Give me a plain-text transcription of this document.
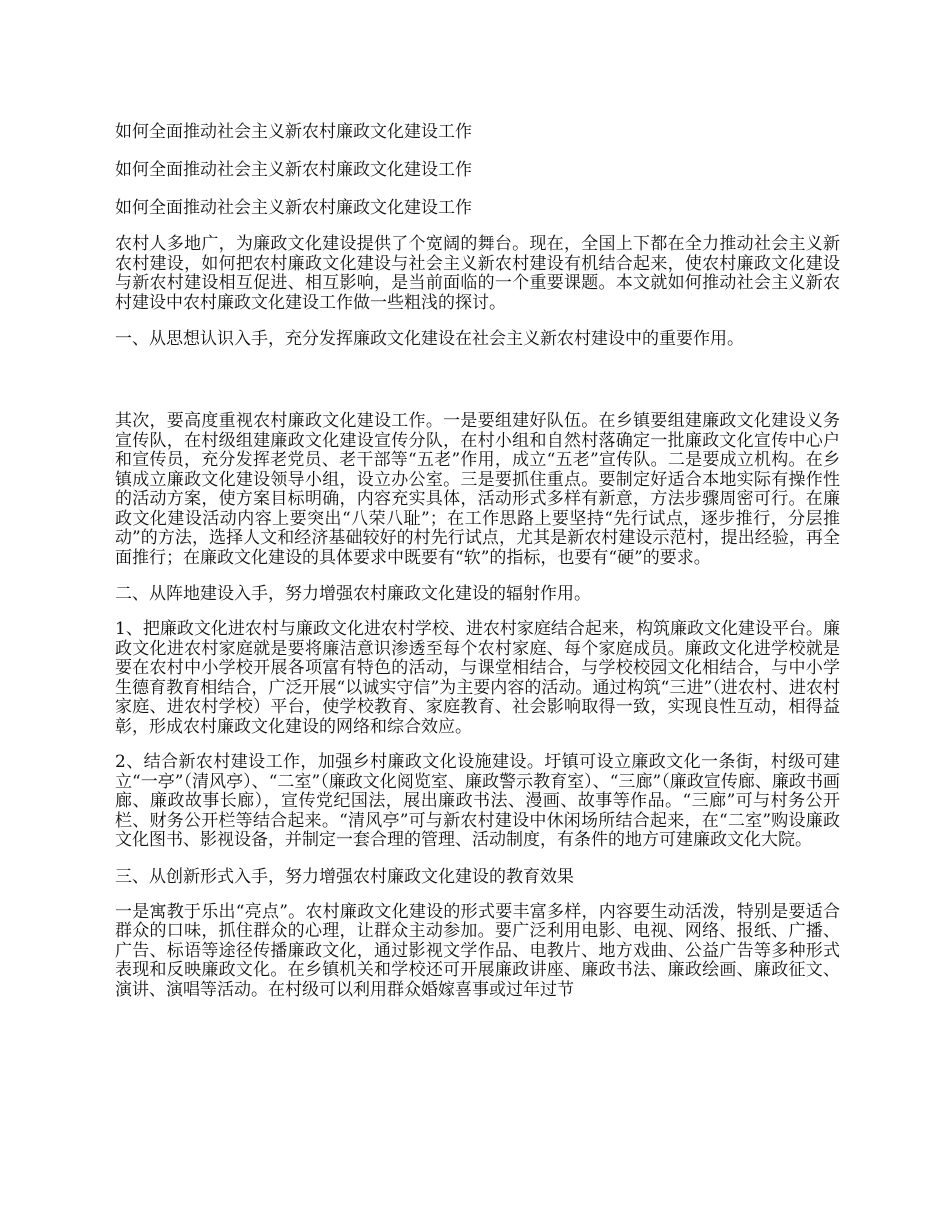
如何全面推动社会主义新农村廉政文化建设工作
如何全面推动社会主义新农村廉政文化建设工作
如何全面推动社会主义新农村廉政文化建设工作

农村人多地广，为廉政文化建设提供了个宽阔的舞台。现在，全国上下都在全力推动社会主义新农村建设，如何把农村廉政文化建设与社会主义新农村建设有机结合起来，使农村廉政文化建设与新农村建设相互促进、相互影响，是当前面临的一个重要课题。本文就如何推动社会主义新农村建设中农村廉政文化建设工作做一些粗浅的探讨。

一、从思想认识入手，充分发挥廉政文化建设在社会主义新农村建设中的重要作用。

其次，要高度重视农村廉政文化建设工作。一是要组建好队伍。在乡镇要组建廉政文化建设义务宣传队，在村级组建廉政文化建设宣传分队，在村小组和自然村落确定一批廉政文化宣传中心户和宣传员，充分发挥老党员、老干部等“五老”作用，成立“五老”宣传队。二是要成立机构。在乡镇成立廉政文化建设领导小组，设立办公室。三是要抓住重点。要制定好适合本地实际有操作性的活动方案，使方案目标明确，内容充实具体，活动形式多样有新意，方法步骤周密可行。在廉政文化建设活动内容上要突出“八荣八耻”；在工作思路上要坚持“先行试点，逐步推行，分层推动”的方法，选择人文和经济基础较好的村先行试点，尤其是新农村建设示范村，提出经验，再全面推行；在廉政文化建设的具体要求中既要有“软”的指标，也要有“硬”的要求。

二、从阵地建设入手，努力增强农村廉政文化建设的辐射作用。

1、把廉政文化进农村与廉政文化进农村学校、进农村家庭结合起来，构筑廉政文化建设平台。廉政文化进农村家庭就是要将廉洁意识渗透至每个农村家庭、每个家庭成员。廉政文化进学校就是要在农村中小学校开展各项富有特色的活动，与课堂相结合，与学校校园文化相结合，与中小学生德育教育相结合，广泛开展“以诚实守信”为主要内容的活动。通过构筑“三进”（进农村、进农村家庭、进农村学校）平台，使学校教育、家庭教育、社会影响取得一致，实现良性互动，相得益彰，形成农村廉政文化建设的网络和综合效应。

2、结合新农村建设工作，加强乡村廉政文化设施建设。圩镇可设立廉政文化一条街，村级可建立“一亭”（清风亭）、“二室”（廉政文化阅览室、廉政警示教育室）、“三廊”（廉政宣传廊、廉政书画廊、廉政故事长廊），宣传党纪国法，展出廉政书法、漫画、故事等作品。“三廊”可与村务公开栏、财务公开栏等结合起来。“清风亭”可与新农村建设中休闲场所结合起来，在“二室”购设廉政文化图书、影视设备，并制定一套合理的管理、活动制度，有条件的地方可建廉政文化大院。

三、从创新形式入手，努力增强农村廉政文化建设的教育效果

一是寓教于乐出“亮点”。农村廉政文化建设的形式要丰富多样，内容要生动活泼，特别是要适合群众的口味，抓住群众的心理，让群众主动参加。要广泛利用电影、电视、网络、报纸、广播、广告、标语等途径传播廉政文化，通过影视文学作品、电教片、地方戏曲、公益广告等多种形式表现和反映廉政文化。在乡镇机关和学校还可开展廉政讲座、廉政书法、廉政绘画、廉政征文、演讲、演唱等活动。在村级可以利用群众婚嫁喜事或过年过节
